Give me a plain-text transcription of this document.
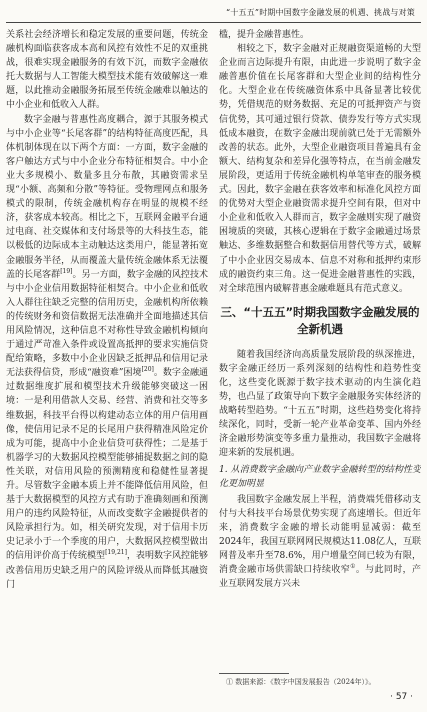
“十五五”时期中国数字金融发展的机遇、挑战与对策

关系社会经济增长和稳定发展的重要问题，传统金融机构面临获客成本高和风控有效性不足的双重挑战，很难实现金融服务的有效下沉，而数字金融依托大数据与人工智能大模型技术能有效破解这一难题，以此推动金融服务拓展至传统金融难以触达的中小企业和低收入人群。

数字金融与普惠性高度耦合，源于其服务模式与中小企业等“长尾客群”的结构特征高度匹配，具体机制体现在以下两个方面：一方面，数字金融的客户触达方式与中小企业分布特征相契合。中小企业大多规模小、数量多且分布散，其融资需求呈现“小额、高频和分散”等特征。受物理网点和服务模式的限制，传统金融机构存在明显的规模不经济，获客成本较高。相比之下，互联网金融平台通过电商、社交媒体和支付场景等的大科技生态，能以极低的边际成本主动触达这类用户，能显著拓宽金融服务半径，从而覆盖大量传统金融体系无法覆盖的长尾客群[19]。另一方面，数字金融的风控技术与中小企业信用数据特征相契合。中小企业和低收入人群往往缺乏完整的信用历史，金融机构所依赖的传统财务和资信数据无法准确并全面地描述其信用风险情况，这种信息不对称性导致金融机构倾向于通过严苛准入条件或设置高抵押的要求实施信贷配给策略，多数中小企业因缺乏抵押品和信用记录无法获得信贷，形成“融资难”困境[20]。数字金融通过数据维度扩展和模型技术升级能够突破这一困境：一是利用借款人交易、经营、消费和社交等多维数据，科技平台得以构建动态立体的用户信用画像，使信用记录不足的长尾用户获得精准风险定价成为可能，提高中小企业信贷可获得性；二是基于机器学习的大数据风控模型能够捕捉数据之间的隐性关联，对信用风险的预测精度和稳健性显著提升。尽管数字金融本质上并不能降低信用风险，但基于大数据模型的风控方式有助于准确刻画和预测用户的违约风险特征，从而改变数字金融提供者的风险承担行为。如，相关研究发现，对于信用卡历史记录小于一个季度的用户，大数据风控模型做出的信用评价高于传统模型[19,21]，表明数字风控能够改善信用历史缺乏用户的风险评级从而降低其融资门

槛，提升金融普惠性。

相较之下，数字金融对正规融资渠道畅的大型企业而言边际提升有限，由此进一步说明了数字金融普惠价值在长尾客群和大型企业间的结构性分化。大型企业在传统融资体系中具备显著比较优势，凭借规范的财务数据、充足的可抵押资产与资信优势，其可通过银行贷款、债券发行等方式实现低成本融资，在数字金融出现前就已处于无需额外改善的状态。此外，大型企业融资项目普遍具有金额大、结构复杂和差异化强等特点，在当前金融发展阶段，更适用于传统金融机构单笔审查的服务模式。因此，数字金融在获客效率和标准化风控方面的优势对大型企业融资需求提升空间有限，但对中小企业和低收入人群而言，数字金融则实现了融资困境质的突破，其核心逻辑在于数字金融通过场景触达、多维数据整合和数据信用替代等方式，破解了中小企业因交易成本、信息不对称和抵押约束形成的融资约束三角。这一促进金融普惠性的实践，对全球范围内破解普惠金融难题具有范式意义。

三、“十五五”时期我国数字金融发展的全新机遇

随着我国经济向高质量发展阶段的纵深推进，数字金融正经历一系列深刻的结构性和趋势性变化，这些变化既源于数字技术驱动的内生演化趋势，也凸显了政策导向下数字金融服务实体经济的战略转型趋势。“十五五”时期，这些趋势变化将持续深化，同时，受新一轮产业革命变革、国内外经济金融形势演变等多重力量推动，我国数字金融将迎来新的发展机遇。

1. 从消费数字金融向产业数字金融转型的结构性变化更加明显

我国数字金融发展上半程，消费端凭借移动支付与大科技平台场景优势实现了高速增长。但近年来，消费数字金融的增长动能明显减弱：截至2024年，我国互联网网民规模达11.08亿人，互联网普及率升至78.6%，用户增量空间已较为有限，消费金融市场供需缺口持续收窄①。与此同时，产业互联网发展方兴未

① 数据来源：《数字中国发展报告（2024年）》。
· 57 ·
